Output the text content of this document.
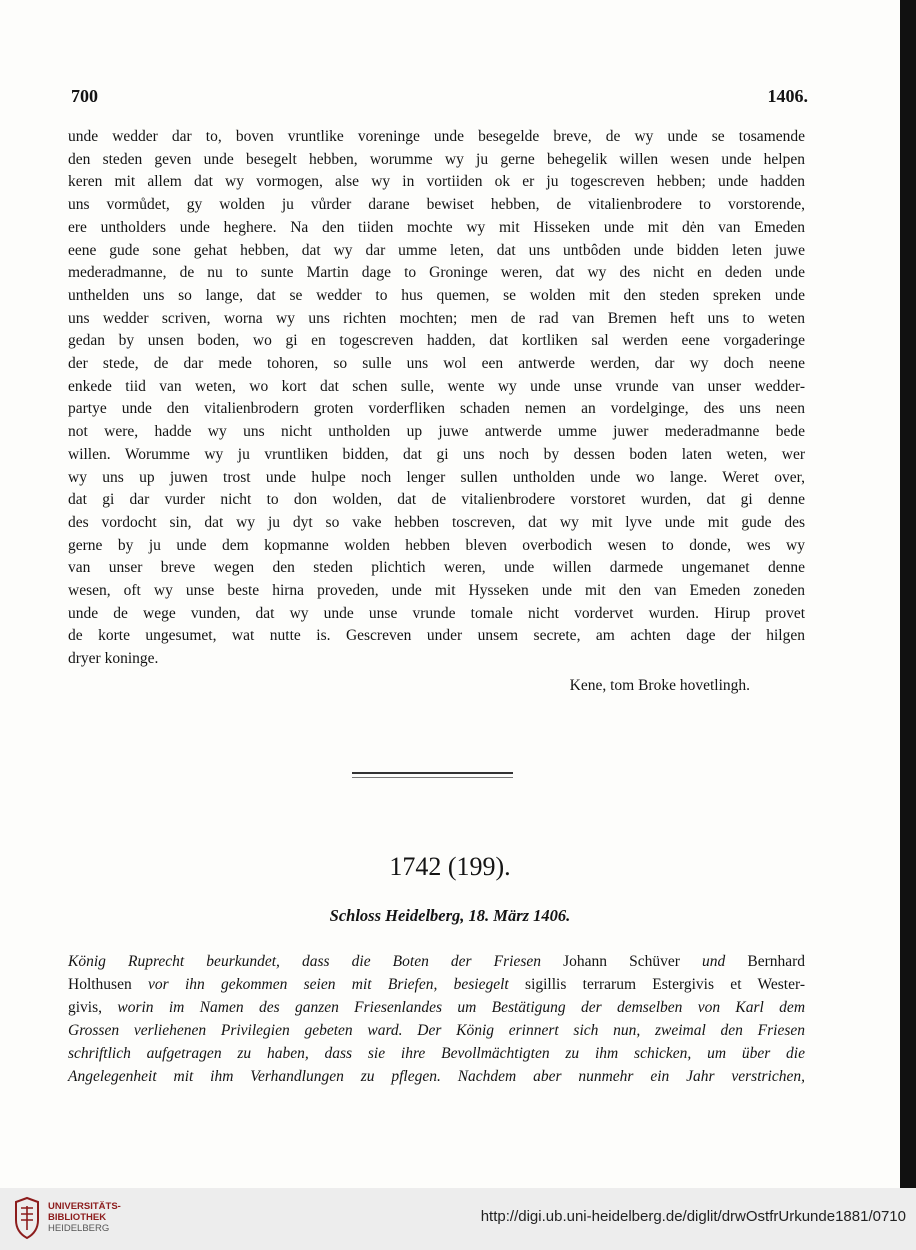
700	1406.
unde wedder dar to, boven vruntlike voreninge unde besegelde breve, de wy unde se tosamende
den steden geven unde besegelt hebben, worumme wy ju gerne behegelik willen wesen unde helpen
keren mit allem dat wy vormogen, alse wy in vortiiden ok er ju togescreven hebben; unde hadden
uns vormůdet, gy wolden ju vůrder darane bewiset hebben, de vitalienbrodere to vorstorende,
ere untholders unde heghere. Na den tiiden mochte wy mit Hisseken unde mit dėn van Emeden
eene gude sone gehat hebben, dat wy dar umme leten, dat uns untbôden unde bidden leten juwe
mederadmanne, de nu to sunte Martin dage to Groninge weren, dat wy des nicht en deden unde
unthelden uns so lange, dat se wedder to hus quemen, se wolden mit den steden spreken unde
uns wedder scriven, worna wy uns richten mochten; men de rad van Bremen heft uns to weten
gedan by unsen boden, wo gi en togescreven hadden, dat kortliken sal werden eene vorgaderinge
der stede, de dar mede tohoren, so sulle uns wol een antwerde werden, dar wy doch neene
enkede tiid van weten, wo kort dat schen sulle, wente wy unde unse vrunde van unser wedder-
partye unde den vitalienbrodern groten vorderfliken schaden nemen an vordelginge, des uns neen
not were, hadde wy uns nicht untholden up juwe antwerde umme juwer mederadmanne bede
willen. Worumme wy ju vruntliken bidden, dat gi uns noch by dessen boden laten weten, wer
wy uns up juwen trost unde hulpe noch lenger sullen untholden unde wo lange. Weret over,
dat gi dar vurder nicht to don wolden, dat de vitalienbrodere vorstoret wurden, dat gi denne
des vordocht sin, dat wy ju dyt so vake hebben toscreven, dat wy mit lyve unde mit gude des
gerne by ju unde dem kopmanne wolden hebben bleven overbodich wesen to donde, wes wy
van unser breve wegen den steden plichtich weren, unde willen darmede ungemanet denne
wesen, oft wy unse beste hirna proveden, unde mit Hysseken unde mit den van Emeden zoneden
unde de wege vunden, dat wy unde unse vrunde tomale nicht vordervet wurden. Hirup provet
de korte ungesumet, wat nutte is. Gescreven under unsem secrete, am achten dage der hilgen
dryer koninge.
Kene, tom Broke hovetlingh.
1742 (199).
Schloss Heidelberg, 18. März 1406.
König Ruprecht beurkundet, dass die Boten der Friesen Johann Schüver und Bernhard
Holthusen vor ihn gekommen seien mit Briefen, besiegelt sigillis terrarum Estergivis et Wester-
givis, worin im Namen des ganzen Friesenlandes um Bestätigung der demselben von Karl dem
Grossen verliehenen Privilegien gebeten ward. Der König erinnert sich nun, zweimal den Friesen
schriftlich aufgetragen zu haben, dass sie ihre Bevollmächtigten zu ihm schicken, um über die
Angelegenheit mit ihm Verhandlungen zu pflegen. Nachdem aber nunmehr ein Jahr verstrichen,
UNIVERSITÄTS-
BIBLIOTHEK
HEIDELBERG
http://digi.ub.uni-heidelberg.de/diglit/drwOstfrUrkunde1881/0710
